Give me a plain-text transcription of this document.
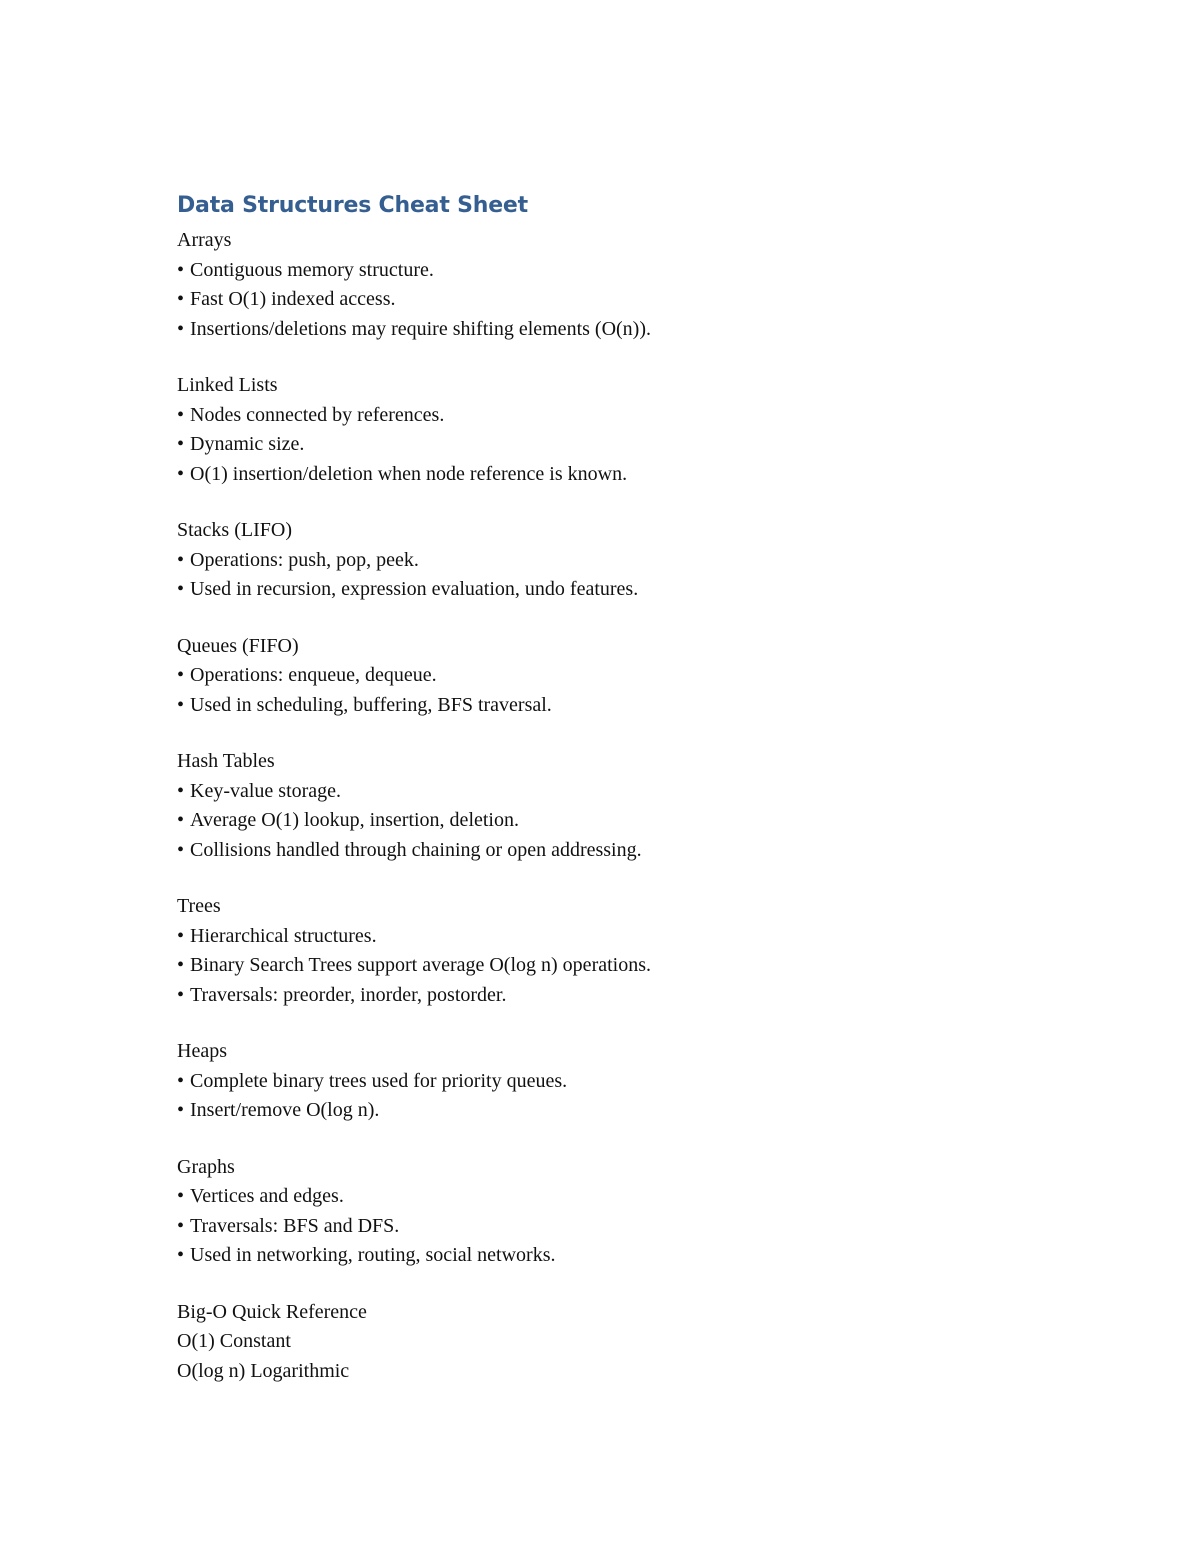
Data Structures Cheat Sheet
Arrays
• Contiguous memory structure.
• Fast O(1) indexed access.
• Insertions/deletions may require shifting elements (O(n)).
Linked Lists
• Nodes connected by references.
• Dynamic size.
• O(1) insertion/deletion when node reference is known.
Stacks (LIFO)
• Operations: push, pop, peek.
• Used in recursion, expression evaluation, undo features.
Queues (FIFO)
• Operations: enqueue, dequeue.
• Used in scheduling, buffering, BFS traversal.
Hash Tables
• Key-value storage.
• Average O(1) lookup, insertion, deletion.
• Collisions handled through chaining or open addressing.
Trees
• Hierarchical structures.
• Binary Search Trees support average O(log n) operations.
• Traversals: preorder, inorder, postorder.
Heaps
• Complete binary trees used for priority queues.
• Insert/remove O(log n).
Graphs
• Vertices and edges.
• Traversals: BFS and DFS.
• Used in networking, routing, social networks.
Big-O Quick Reference
O(1) Constant
O(log n) Logarithmic
